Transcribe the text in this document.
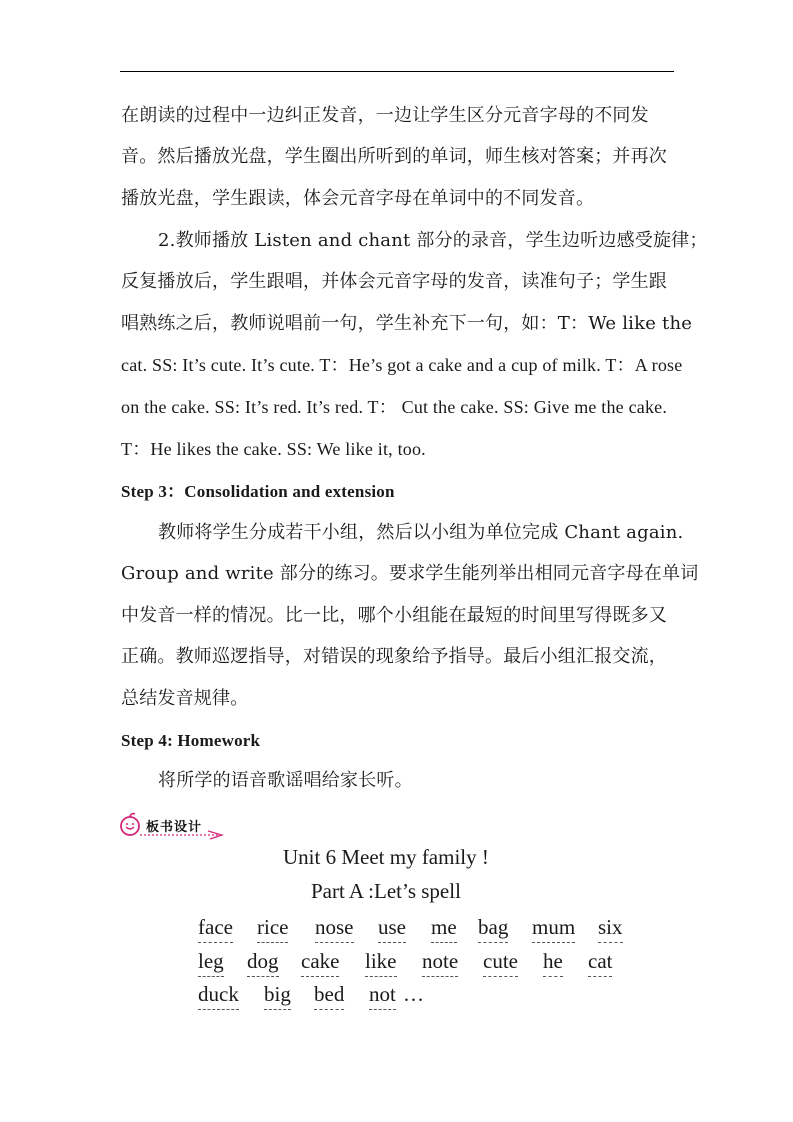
在朗读的过程中一边纠正发音，一边让学生区分元音字母的不同发
音。然后播放光盘，学生圈出所听到的单词，师生核对答案；并再次
播放光盘，学生跟读，体会元音字母在单词中的不同发音。
2.教师播放 Listen and chant 部分的录音，学生边听边感受旋律；
反复播放后，学生跟唱，并体会元音字母的发音，读准句子；学生跟
唱熟练之后，教师说唱前一句，学生补充下一句，如：T：We like the
cat. SS: It’s cute. It’s cute. T：He’s got a cake and a cup of milk. T：A rose
on the cake. SS: It’s red. It’s red. T： Cut the cake. SS: Give me the cake.
T：He likes the cake. SS: We like it, too.
Step 3：Consolidation and extension
教师将学生分成若干小组，然后以小组为单位完成 Chant again.
Group and write 部分的练习。要求学生能列举出相同元音字母在单词
中发音一样的情况。比一比，哪个小组能在最短的时间里写得既多又
正确。教师巡逻指导，对错误的现象给予指导。最后小组汇报交流，
总结发音规律。
Step 4: Homework
将所学的语音歌谣唱给家长听。
板书设计
Unit 6 Meet my family !
Part A :Let’s spell
face rice nose use me bag mum six
leg dog cake like note cute he cat
duck big bed not …
